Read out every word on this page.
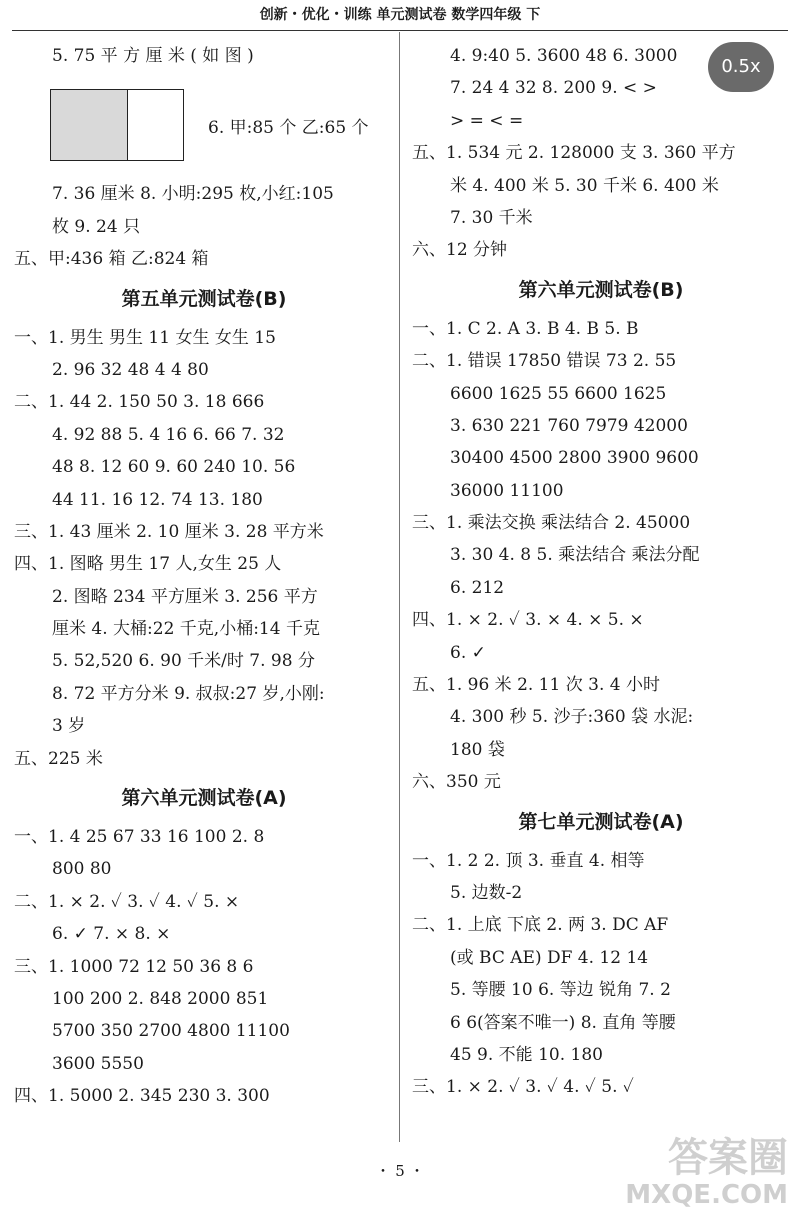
创新・优化・训练 单元测试卷 数学四年级 下
5. 75 平 方 厘 米 ( 如 图 )
6. 甲:85 个 乙:65 个
7. 36 厘米 8. 小明:295 枚,小红:105
枚 9. 24 只
五、甲:436 箱 乙:824 箱
第五单元测试卷(B)
一、1. 男生 男生 11 女生 女生 15
2. 96 32 48 4 4 80
二、1. 44 2. 150 50 3. 18 666
4. 92 88 5. 4 16 6. 66 7. 32
48 8. 12 60 9. 60 240 10. 56
44 11. 16 12. 74 13. 180
三、1. 43 厘米 2. 10 厘米 3. 28 平方米
四、1. 图略 男生 17 人,女生 25 人
2. 图略 234 平方厘米 3. 256 平方
厘米 4. 大桶:22 千克,小桶:14 千克
5. 52,520 6. 90 千米/时 7. 98 分
8. 72 平方分米 9. 叔叔:27 岁,小刚:
3 岁
五、225 米
第六单元测试卷(A)
一、1. 4 25 67 33 16 100 2. 8
800 80
二、1. × 2. ✓ 3. ✓ 4. ✓ 5. ×
6. ✓ 7. × 8. ×
三、1. 1000 72 12 50 36 8 6
100 200 2. 848 2000 851
5700 350 2700 4800 11100
3600 5550
四、1. 5000 2. 345 230 3. 300
4. 9:40 5. 3600 48 6. 3000
7. 24 4 32 8. 200 9. < >
> = < =
五、1. 534 元 2. 128000 支 3. 360 平方
米 4. 400 米 5. 30 千米 6. 400 米
7. 30 千米
六、12 分钟
第六单元测试卷(B)
一、1. C 2. A 3. B 4. B 5. B
二、1. 错误 17850 错误 73 2. 55
6600 1625 55 6600 1625
3. 630 221 760 7979 42000
30400 4500 2800 3900 9600
36000 11100
三、1. 乘法交换 乘法结合 2. 45000
3. 30 4. 8 5. 乘法结合 乘法分配
6. 212
四、1. × 2. ✓ 3. × 4. × 5. ×
6. ✓
五、1. 96 米 2. 11 次 3. 4 小时
4. 300 秒 5. 沙子:360 袋 水泥:
180 袋
六、350 元
第七单元测试卷(A)
一、1. 2 2. 顶 3. 垂直 4. 相等
5. 边数-2
二、1. 上底 下底 2. 两 3. DC AF
(或 BC AE) DF 4. 12 14
5. 等腰 10 6. 等边 锐角 7. 2
6 6(答案不唯一) 8. 直角 等腰
45 9. 不能 10. 180
三、1. × 2. ✓ 3. ✓ 4. ✓ 5. ✓
・ 5 ・
0.5x
答案圈
MXQE.COM
